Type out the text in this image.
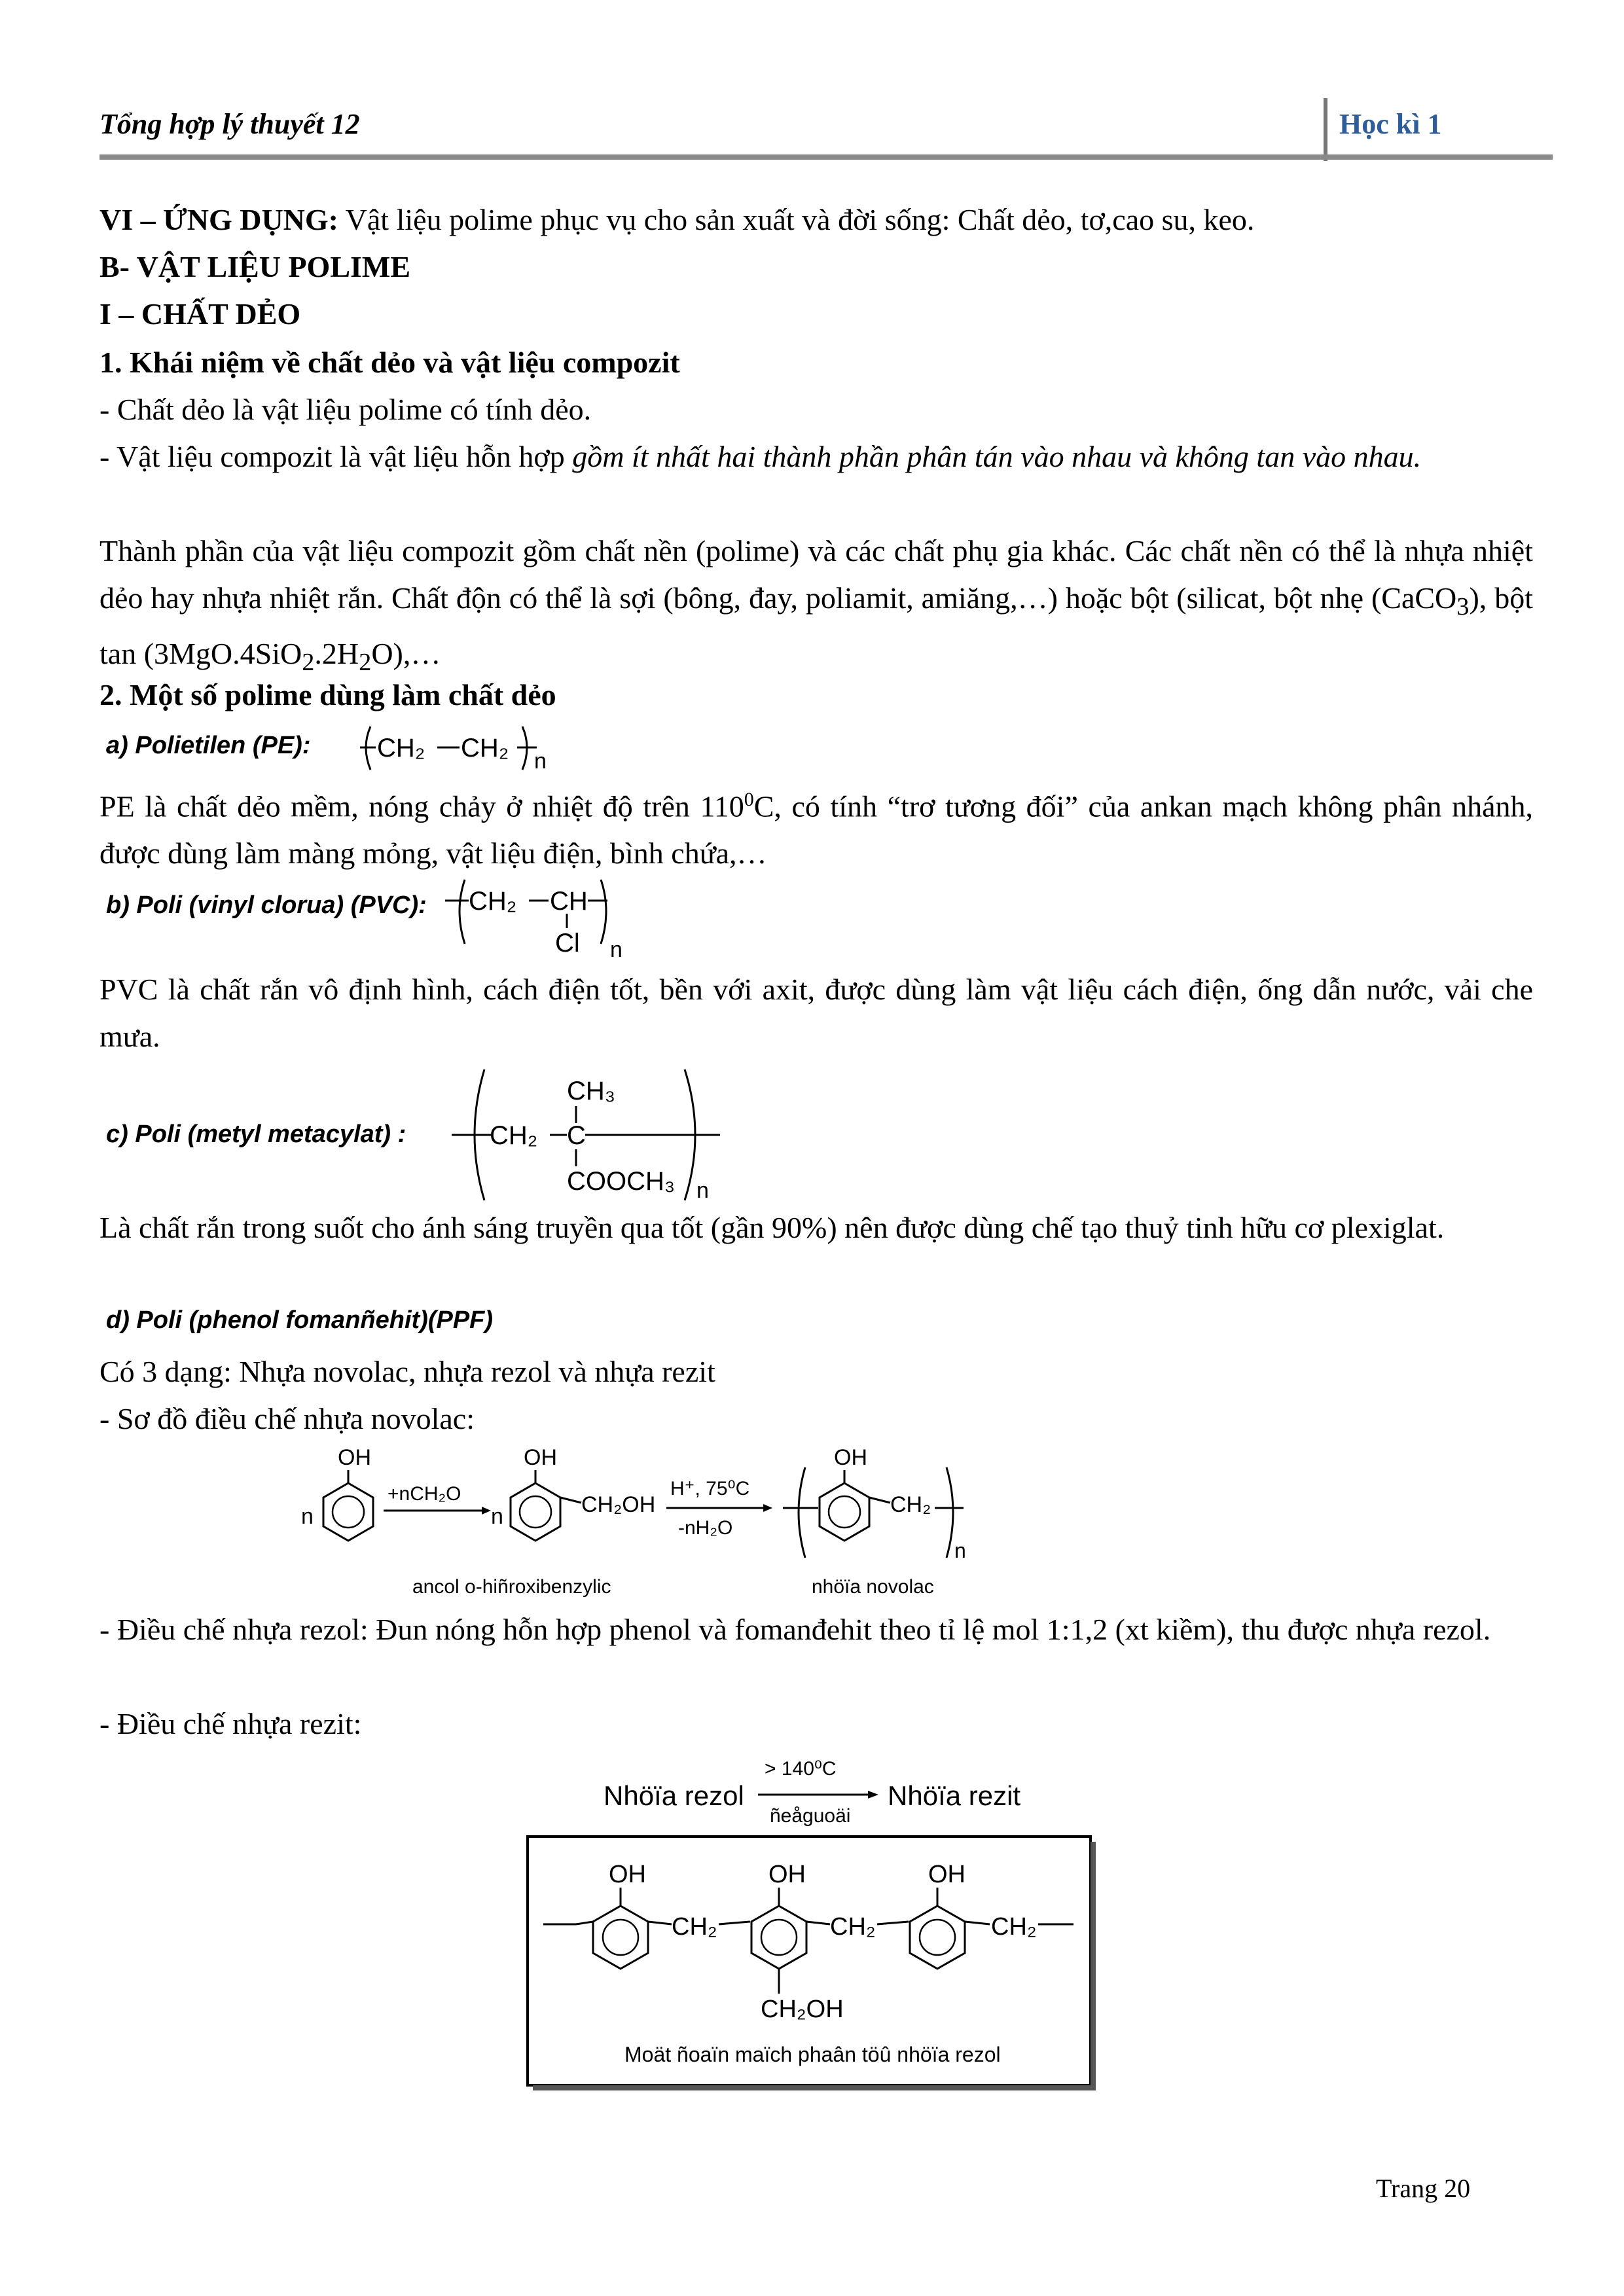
Tổng hợp lý thuyết 12	Học kì 1
VI – ỨNG DỤNG: Vật liệu polime phục vụ cho sản xuất và đời sống: Chất dẻo, tơ,cao su, keo.
B- VẬT LIỆU POLIME
I – CHẤT DẺO
1. Khái niệm về chất dẻo và vật liệu compozit
- Chất dẻo là vật liệu polime có tính dẻo.
- Vật liệu compozit là vật liệu hỗn hợp gồm ít nhất hai thành phần phân tán vào nhau và không tan vào nhau.
Thành phần của vật liệu compozit gồm chất nền (polime) và các chất phụ gia khác. Các chất nền có thể là nhựa nhiệt dẻo hay nhựa nhiệt rắn. Chất độn có thể là sợi (bông, đay, poliamit, amiăng,…) hoặc bột (silicat, bột nhẹ (CaCO$_3$), bột $\tan (3MgO.4SiO_2.2H_2O),\dots$
2. Một số polime dùng làm chất dẻo
a) Polietilen (PE):	CH₂ CH₂ n
PE là chất dẻo mềm, nóng chảy ở nhiệt độ trên $110^0C$, có tính “trơ tương đối” của ankan mạch không phân nhánh, được dùng làm màng mỏng, vật liệu điện, bình chứa,…
b) Poli (vinyl clorua) (PVC): CH₂ CH
Cl n
PVC là chất rắn vô định hình, cách điện tốt, bền với axit, được dùng làm vật liệu cách điện, ống dẫn nước, vải che mưa.
c) Poli (metyl metacylat) :	CH₂ C
CH₃
COOCH₃ n
Là chất rắn trong suốt cho ánh sáng truyền qua tốt (gần 90%) nên được dùng chế tạo thuỷ tinh hữu cơ plexiglat.
d) Poli (phenol fomanñehit)(PPF)
Có 3 dạng: Nhựa novolac, nhựa rezol và nhựa rezit
- Sơ đồ điều chế nhựa novolac:
OH
n
+nCH₂O
OH
n	CH₂OH
ancol o-hiñroxibenzylic
H⁺, 75⁰C
-nH₂O
OH
CH₂
n
nhöïa novolac
- Điều chế nhựa rezol: Đun nóng hỗn hợp phenol và fomanđehit theo tỉ lệ mol 1:1,2 (xt kiềm), thu được nhựa rezol.
- Điều chế nhựa rezit:
Nhöïa rezol
> 140⁰C
ñeåguoäi
Nhöïa rezit
OH
CH₂
OH
CH₂OH
CH₂
OH
CH₂
Moät ñoaïn maïch phaân töû nhöïa rezol
Trang 20
